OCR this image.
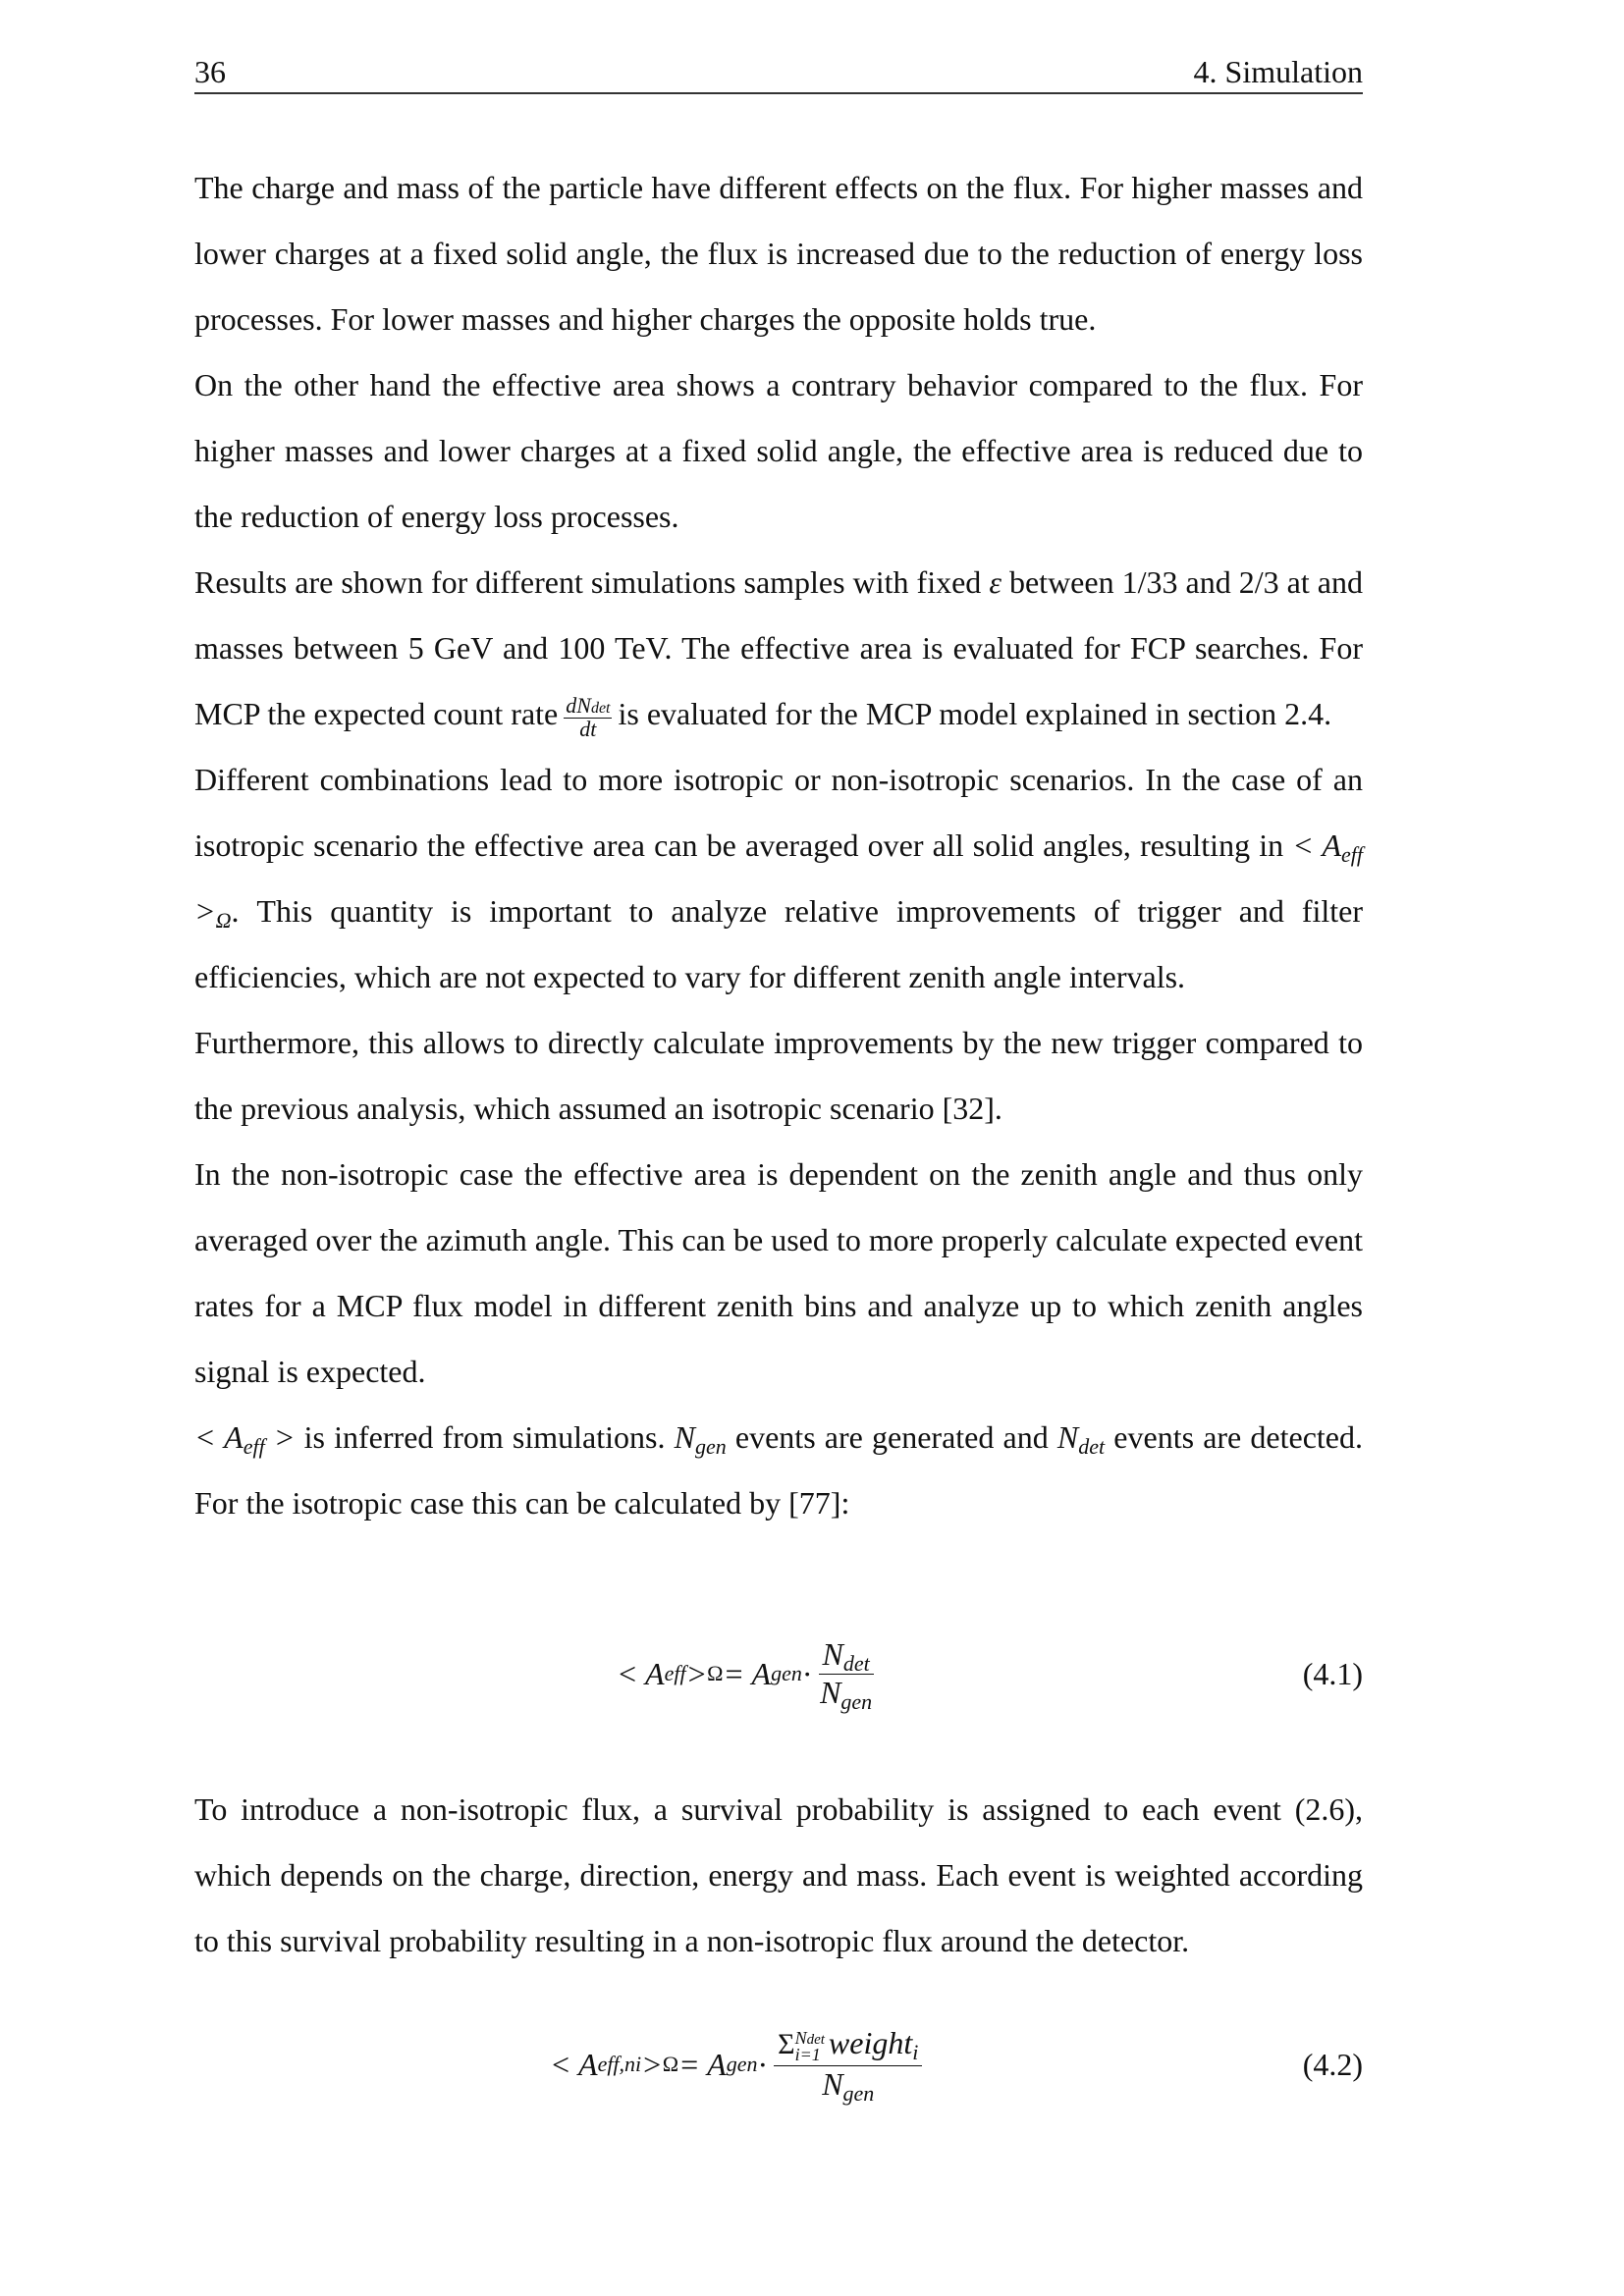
36	4. Simulation

The charge and mass of the particle have different effects on the flux. For higher masses and lower charges at a fixed solid angle, the flux is increased due to the reduction of energy loss processes. For lower masses and higher charges the opposite holds true.

On the other hand the effective area shows a contrary behavior compared to the flux. For higher masses and lower charges at a fixed solid angle, the effective area is reduced due to the reduction of energy loss processes.

Results are shown for different simulations samples with fixed ε between 1/33 and 2/3 at and masses between 5 GeV and 100 TeV. The effective area is evaluated for FCP searches. For MCP the expected count rate dNdet
dt is evaluated for the MCP model explained in section 2.4.

Different combinations lead to more isotropic or non-isotropic scenarios. In the case of an isotropic scenario the effective area can be averaged over all solid angles, resulting in < $A_{eff} >_\Omega$. This quantity is important to analyze relative improvements of trigger and filter efficiencies, which are not expected to vary for different zenith angle intervals.

Furthermore, this allows to directly calculate improvements by the new trigger compared to the previous analysis, which assumed an isotropic scenario [32].

In the non-isotropic case the effective area is dependent on the zenith angle and thus only averaged over the azimuth angle. This can be used to more properly calculate expected event rates for a MCP flux model in different zenith bins and analyze up to which zenith angles signal is expected.

< $A_{eff}$ > is inferred from simulations. $N_{gen}$ events are generated and $N_{det}$ events are detected. For the isotropic case this can be calculated by [77]:

< A eff > Ω = A gen · $\frac{N_{det}}{N_{gen}}$	(4.1)

To introduce a non-isotropic flux, a survival probability is assigned to each event (2.6), which depends on the charge, direction, energy and mass. Each event is weighted according to this survival probability resulting in a non-isotropic flux around the detector.

< A eff,ni > Ω = A gen · Σ Ndet
i=1 weight$_i$
$N_{gen}$	(4.2)
